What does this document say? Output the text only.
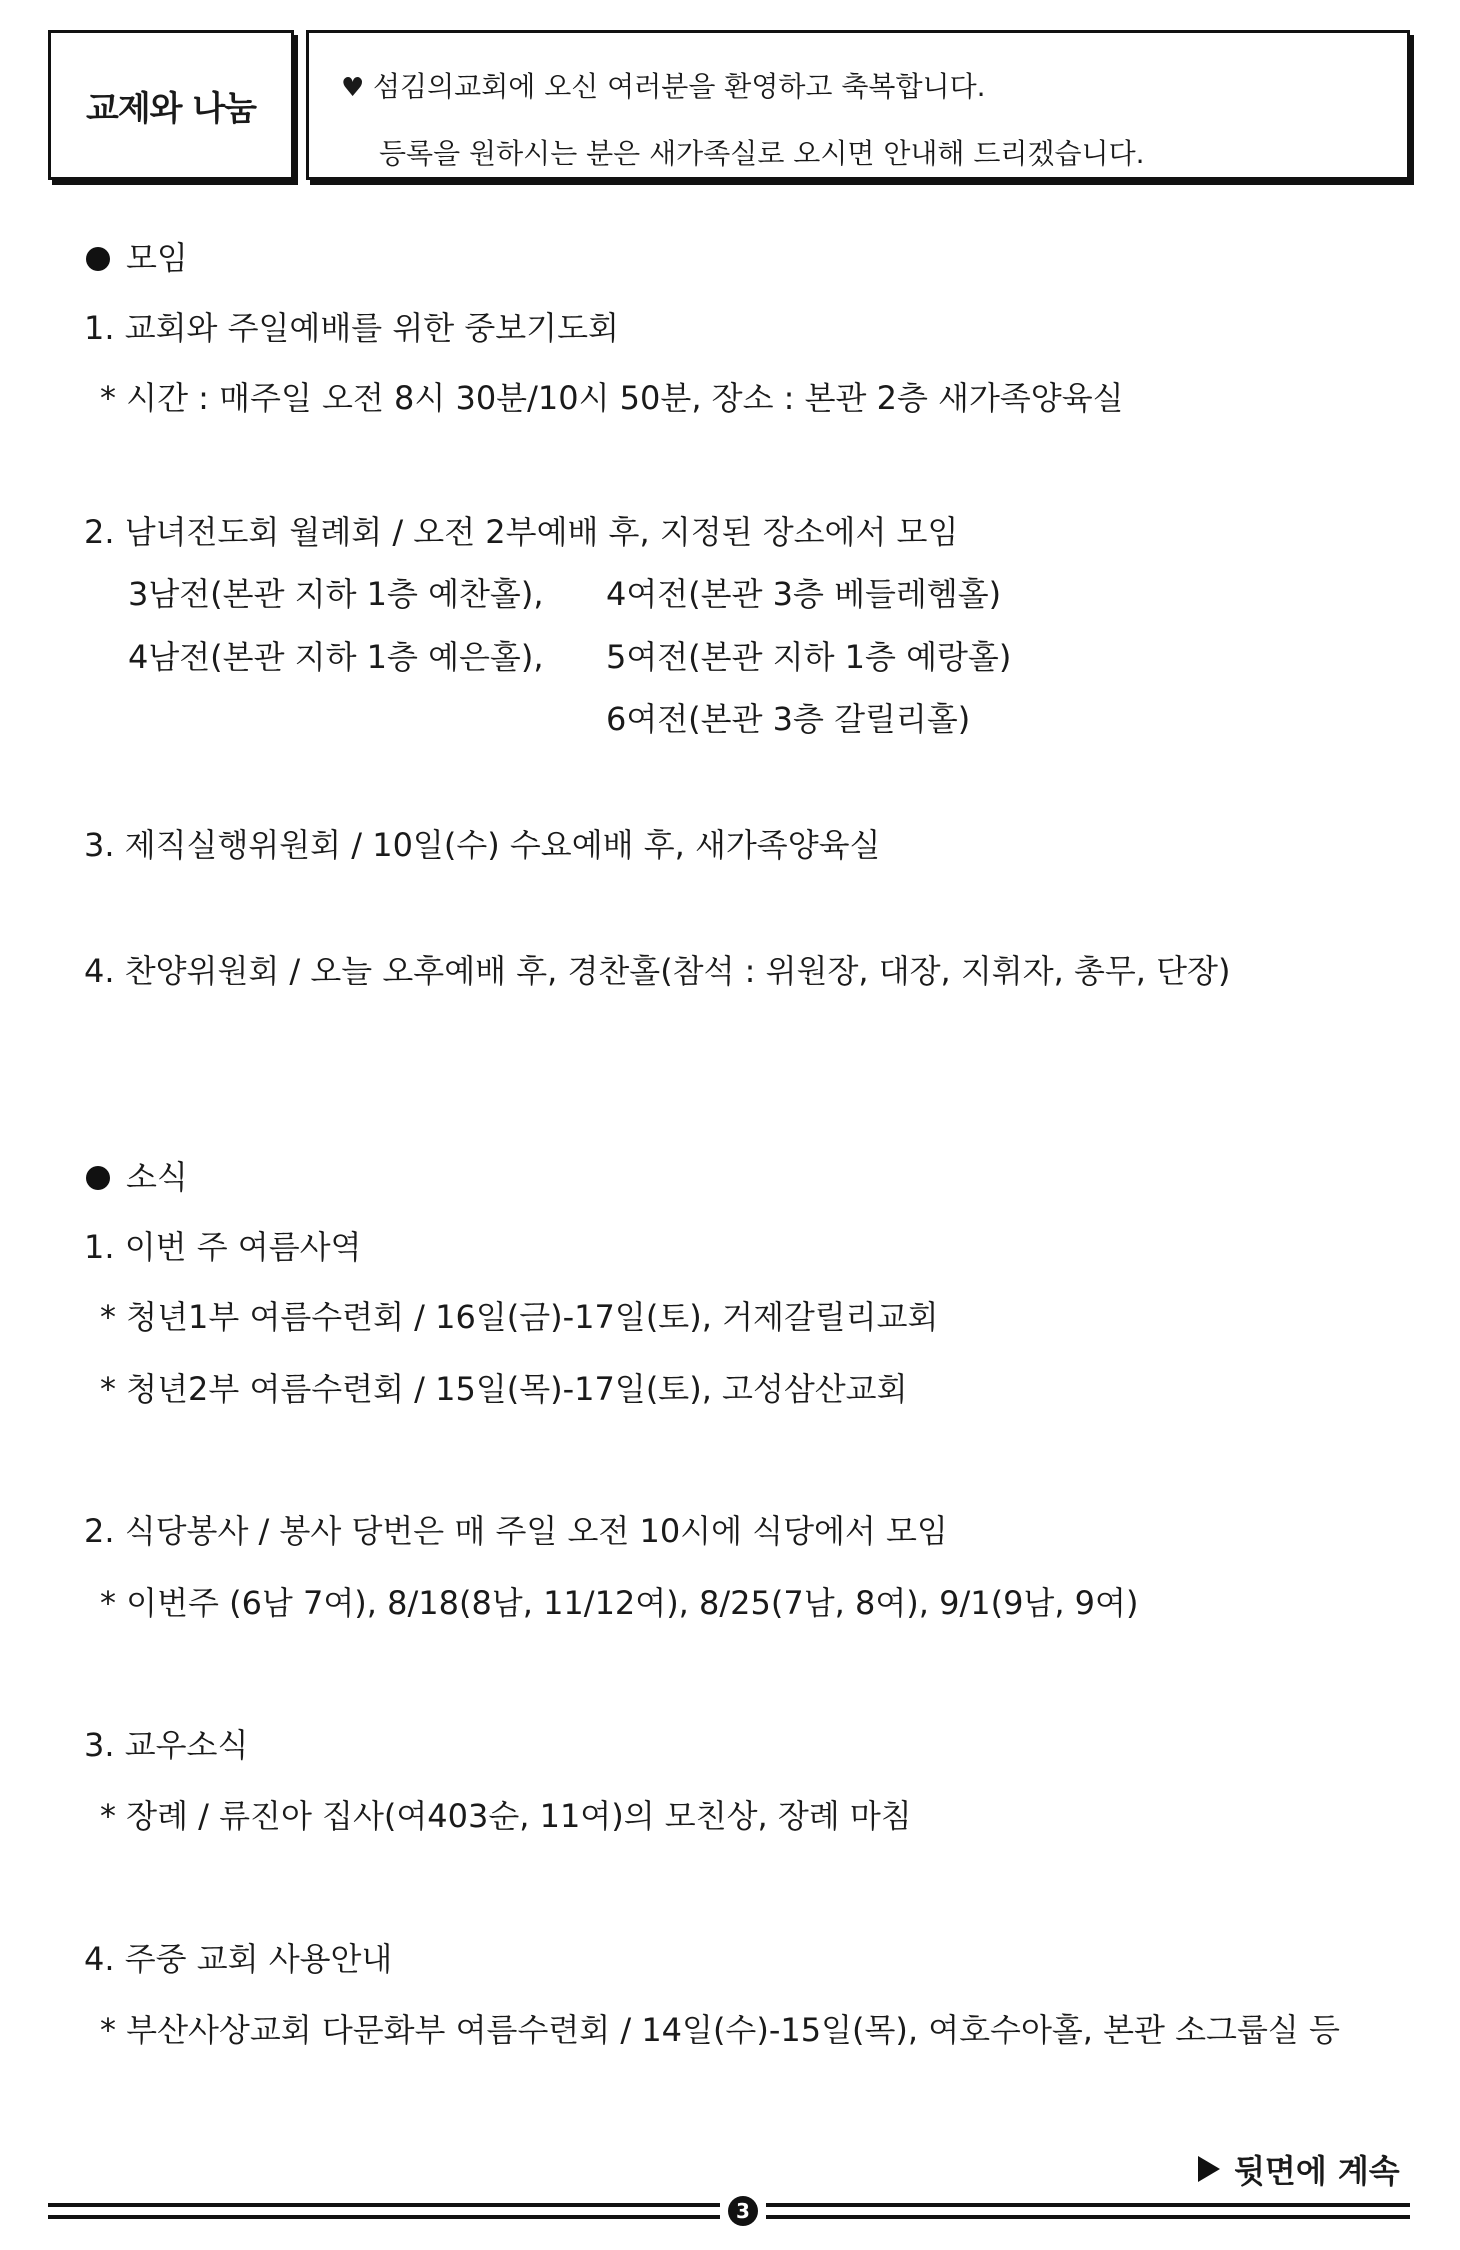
교제와 나눔
♥ 섬김의교회에 오신 여러분을 환영하고 축복합니다.
등록을 원하시는 분은 새가족실로 오시면 안내해 드리겠습니다.
모임
1. 교회와 주일예배를 위한 중보기도회
* 시간 : 매주일 오전 8시 30분/10시 50분, 장소 : 본관 2층 새가족양육실
2. 남녀전도회 월례회 / 오전 2부예배 후, 지정된 장소에서 모임
3남전(본관 지하 1층 예찬홀), 4여전(본관 3층 베들레헴홀)
4남전(본관 지하 1층 예은홀), 5여전(본관 지하 1층 예랑홀)
6여전(본관 3층 갈릴리홀)
3. 제직실행위원회 / 10일(수) 수요예배 후, 새가족양육실
4. 찬양위원회 / 오늘 오후예배 후, 경찬홀(참석 : 위원장, 대장, 지휘자, 총무, 단장)
소식
1. 이번 주 여름사역
* 청년1부 여름수련회 / 16일(금)-17일(토), 거제갈릴리교회
* 청년2부 여름수련회 / 15일(목)-17일(토), 고성삼산교회
2. 식당봉사 / 봉사 당번은 매 주일 오전 10시에 식당에서 모임
* 이번주 (6남 7여), 8/18(8남, 11/12여), 8/25(7남, 8여), 9/1(9남, 9여)
3. 교우소식
* 장례 / 류진아 집사(여403순, 11여)의 모친상, 장례 마침
4. 주중 교회 사용안내
* 부산사상교회 다문화부 여름수련회 / 14일(수)-15일(목), 여호수아홀, 본관 소그룹실 등
뒷면에 계속
3
